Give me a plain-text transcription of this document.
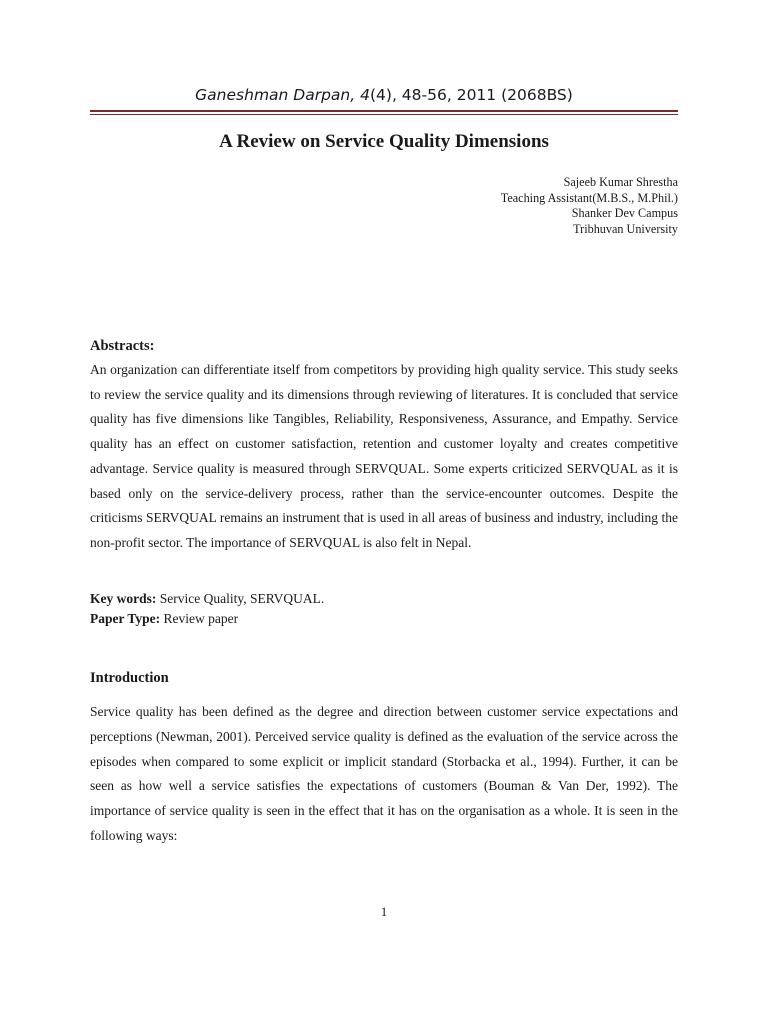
Ganeshman Darpan, 4(4), 48-56, 2011 (2068BS)
A Review on Service Quality Dimensions
Sajeeb Kumar Shrestha
Teaching Assistant(M.B.S., M.Phil.)
Shanker Dev Campus
Tribhuvan University
Abstracts:

An organization can differentiate itself from competitors by providing high quality service. This study seeks to review the service quality and its dimensions through reviewing of literatures. It is concluded that service quality has five dimensions like Tangibles, Reliability, Responsiveness, Assurance, and Empathy. Service quality has an effect on customer satisfaction, retention and customer loyalty and creates competitive advantage. Service quality is measured through SERVQUAL. Some experts criticized SERVQUAL as it is based only on the service-delivery process, rather than the service-encounter outcomes. Despite the criticisms SERVQUAL remains an instrument that is used in all areas of business and industry, including the non-profit sector. The importance of SERVQUAL is also felt in Nepal.

Key words: Service Quality, SERVQUAL.
Paper Type: Review paper
Introduction

Service quality has been defined as the degree and direction between customer service expectations and perceptions (Newman, 2001). Perceived service quality is defined as the evaluation of the service across the episodes when compared to some explicit or implicit standard (Storbacka et al., 1994). Further, it can be seen as how well a service satisfies the expectations of customers (Bouman & Van Der, 1992). The importance of service quality is seen in the effect that it has on the organisation as a whole. It is seen in the following ways:

1
